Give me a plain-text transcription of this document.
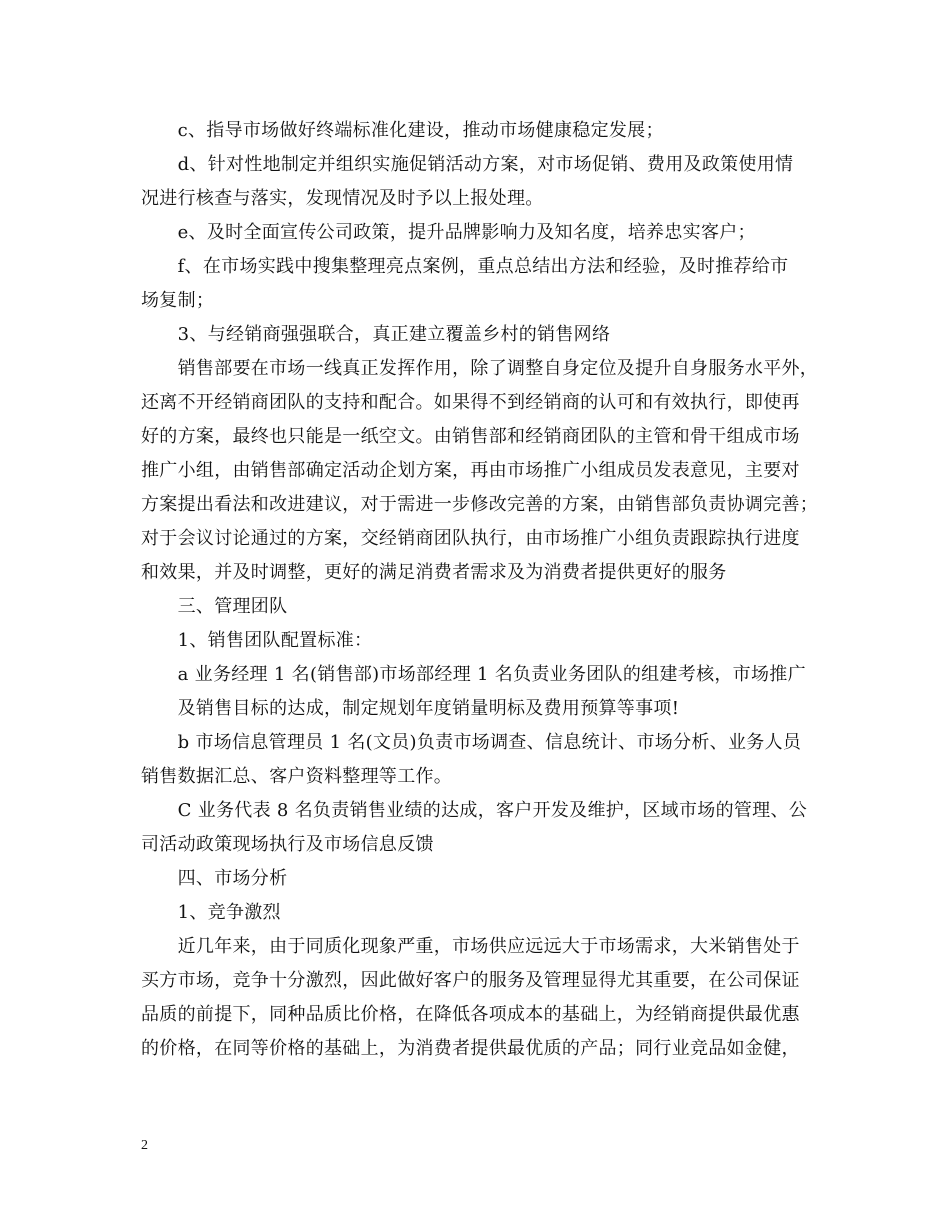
　　c、指导市场做好终端标准化建设，推动市场健康稳定发展；

　　d、针对性地制定并组织实施促销活动方案，对市场促销、费用及政策使用情
况进行核查与落实，发现情况及时予以上报处理。

　　e、及时全面宣传公司政策，提升品牌影响力及知名度，培养忠实客户；

　　f、在市场实践中搜集整理亮点案例，重点总结出方法和经验，及时推荐给市
场复制；

　　3、与经销商强强联合，真正建立覆盖乡村的销售网络

　　销售部要在市场一线真正发挥作用，除了调整自身定位及提升自身服务水平外，
还离不开经销商团队的支持和配合。如果得不到经销商的认可和有效执行，即使再
好的方案，最终也只能是一纸空文。由销售部和经销商团队的主管和骨干组成市场
推广小组，由销售部确定活动企划方案，再由市场推广小组成员发表意见，主要对
方案提出看法和改进建议，对于需进一步修改完善的方案，由销售部负责协调完善；
对于会议讨论通过的方案，交经销商团队执行，由市场推广小组负责跟踪执行进度
和效果，并及时调整，更好的满足消费者需求及为消费者提供更好的服务

　　三、管理团队

　　1、销售团队配置标准：

　　a 业务经理 1 名(销售部)市场部经理 1 名负责业务团队的组建考核，市场推广
　　及销售目标的达成，制定规划年度销量明标及费用预算等事项!

　　b 市场信息管理员 1 名(文员)负责市场调查、信息统计、市场分析、业务人员
销售数据汇总、客户资料整理等工作。

　　C 业务代表 8 名负责销售业绩的达成，客户开发及维护，区域市场的管理、公
司活动政策现场执行及市场信息反馈

　　四、市场分析

　　1、竞争激烈

　　近几年来，由于同质化现象严重，市场供应远远大于市场需求，大米销售处于
买方市场，竞争十分激烈，因此做好客户的服务及管理显得尤其重要，在公司保证
品质的前提下，同种品质比价格，在降低各项成本的基础上，为经销商提供最优惠
的价格，在同等价格的基础上，为消费者提供最优质的产品；同行业竞品如金健，

2
